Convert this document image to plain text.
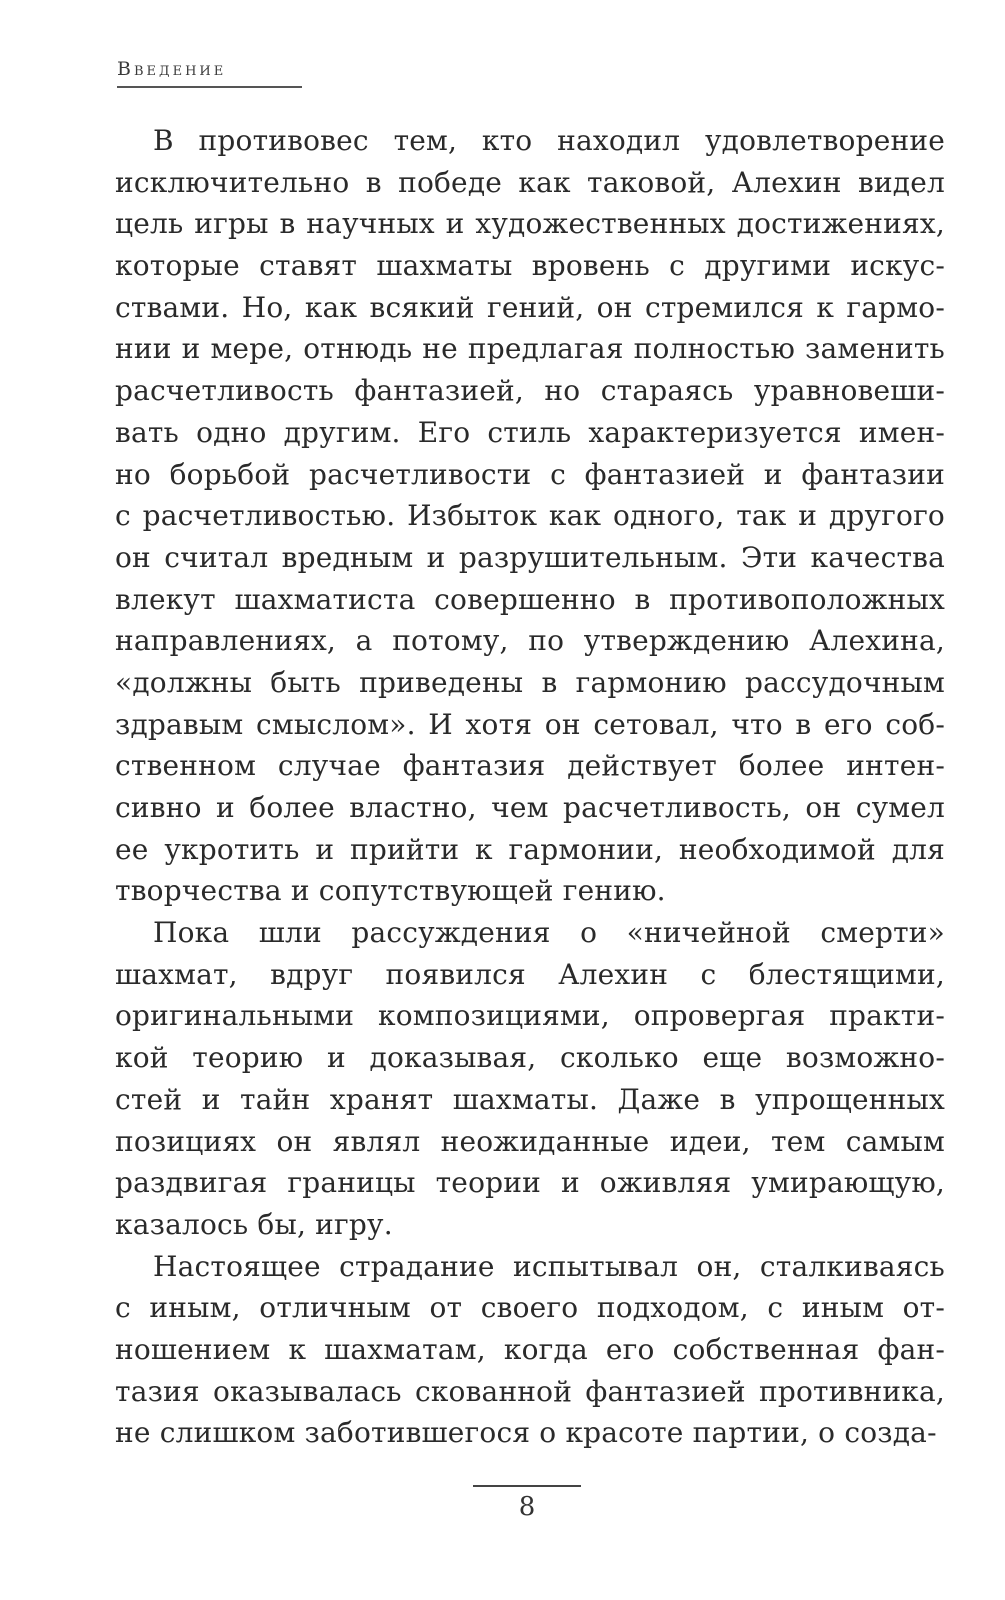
Введение
В противовес тем, кто находил удовлетворение
исключительно в победе как таковой, Алехин видел
цель игры в научных и художественных достижениях,
которые ставят шахматы вровень с другими искус-
ствами. Но, как всякий гений, он стремился к гармо-
нии и мере, отнюдь не предлагая полностью заменить
расчетливость фантазией, но стараясь уравновеши-
вать одно другим. Его стиль характеризуется имен-
но борьбой расчетливости с фантазией и фантазии
с расчетливостью. Избыток как одного, так и другого
он считал вредным и разрушительным. Эти качества
влекут шахматиста совершенно в противоположных
направлениях, а потому, по утверждению Алехина,
«должны быть приведены в гармонию рассудочным
здравым смыслом». И хотя он сетовал, что в его соб-
ственном случае фантазия действует более интен-
сивно и более властно, чем расчетливость, он сумел
ее укротить и прийти к гармонии, необходимой для
творчества и сопутствующей гению.
Пока шли рассуждения о «ничейной смерти»
шахмат, вдруг появился Алехин с блестящими,
оригинальными композициями, опровергая практи-
кой теорию и доказывая, сколько еще возможно-
стей и тайн хранят шахматы. Даже в упрощенных
позициях он являл неожиданные идеи, тем самым
раздвигая границы теории и оживляя умирающую,
казалось бы, игру.
Настоящее страдание испытывал он, сталкиваясь
с иным, отличным от своего подходом, с иным от-
ношением к шахматам, когда его собственная фан-
тазия оказывалась скованной фантазией противника,
не слишком заботившегося о красоте партии, о созда-
8
